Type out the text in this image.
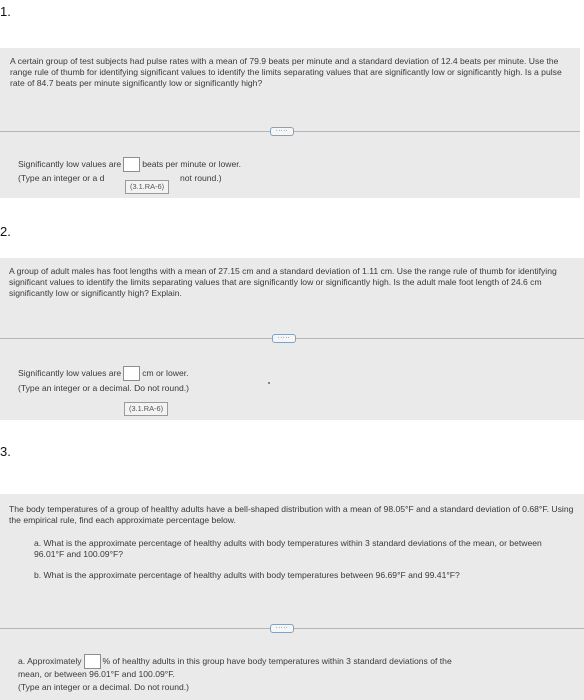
1.
A certain group of test subjects had pulse rates with a mean of 79.9 beats per minute and a standard deviation of 12.4 beats per minute. Use the range rule of thumb for identifying significant values to identify the limits separating values that are significantly low or significantly high. Is a pulse rate of 84.7 beats per minute significantly low or significantly high?
·····
Significantly low values are beats per minute or lower.
(Type an integer or a d	not round.)
(3.1.RA-6)
2.
A group of adult males has foot lengths with a mean of 27.15 cm and a standard deviation of 1.11 cm. Use the range rule of thumb for identifying significant values to identify the limits separating values that are significantly low or significantly high. Is the adult male foot length of 24.6 cm significantly low or significantly high? Explain.
·····
Significantly low values are cm or lower.
(Type an integer or a decimal. Do not round.)
(3.1.RA-6)
3.
The body temperatures of a group of healthy adults have a bell-shaped distribution with a mean of 98.05°F and a standard deviation of 0.68°F. Using the empirical rule, find each approximate percentage below.
a. What is the approximate percentage of healthy adults with body temperatures within 3 standard deviations of the mean, or between 96.01°F and 100.09°F?
b. What is the approximate percentage of healthy adults with body temperatures between 96.69°F and 99.41°F?
·····
a. Approximately % of healthy adults in this group have body temperatures within 3 standard deviations of the
mean, or between 96.01°F and 100.09°F.
(Type an integer or a decimal. Do not round.)
